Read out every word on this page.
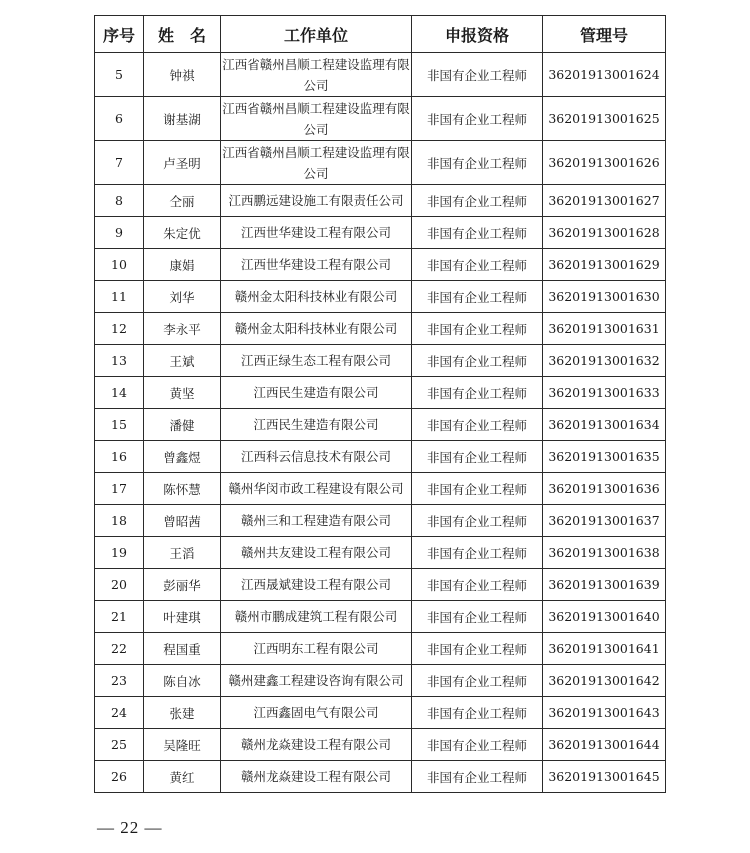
序号	姓　名	工作单位	申报资格	管理号
5	钟祺	江西省赣州昌顺工程建设监理有限公司	非国有企业工程师	36201913001624
6	谢基湖	江西省赣州昌顺工程建设监理有限公司	非国有企业工程师	36201913001625
7	卢圣明	江西省赣州昌顺工程建设监理有限公司	非国有企业工程师	36201913001626
8	仝丽	江西鹏远建设施工有限责任公司	非国有企业工程师	36201913001627
9	朱定优	江西世华建设工程有限公司	非国有企业工程师	36201913001628
10	康娟	江西世华建设工程有限公司	非国有企业工程师	36201913001629
11	刘华	赣州金太阳科技林业有限公司	非国有企业工程师	36201913001630
12	李永平	赣州金太阳科技林业有限公司	非国有企业工程师	36201913001631
13	王斌	江西正绿生态工程有限公司	非国有企业工程师	36201913001632
14	黄坚	江西民生建造有限公司	非国有企业工程师	36201913001633
15	潘健	江西民生建造有限公司	非国有企业工程师	36201913001634
16	曾鑫煜	江西科云信息技术有限公司	非国有企业工程师	36201913001635
17	陈怀慧	赣州华闵市政工程建设有限公司	非国有企业工程师	36201913001636
18	曾昭茜	赣州三和工程建造有限公司	非国有企业工程师	36201913001637
19	王滔	赣州共友建设工程有限公司	非国有企业工程师	36201913001638
20	彭丽华	江西晟斌建设工程有限公司	非国有企业工程师	36201913001639
21	叶建琪	赣州市鹏成建筑工程有限公司	非国有企业工程师	36201913001640
22	程国重	江西明东工程有限公司	非国有企业工程师	36201913001641
23	陈自冰	赣州建鑫工程建设咨询有限公司	非国有企业工程师	36201913001642
24	张建	江西鑫固电气有限公司	非国有企业工程师	36201913001643
25	吴隆旺	赣州龙焱建设工程有限公司	非国有企业工程师	36201913001644
26	黄红	赣州龙焱建设工程有限公司	非国有企业工程师	36201913001645
— 22 —
